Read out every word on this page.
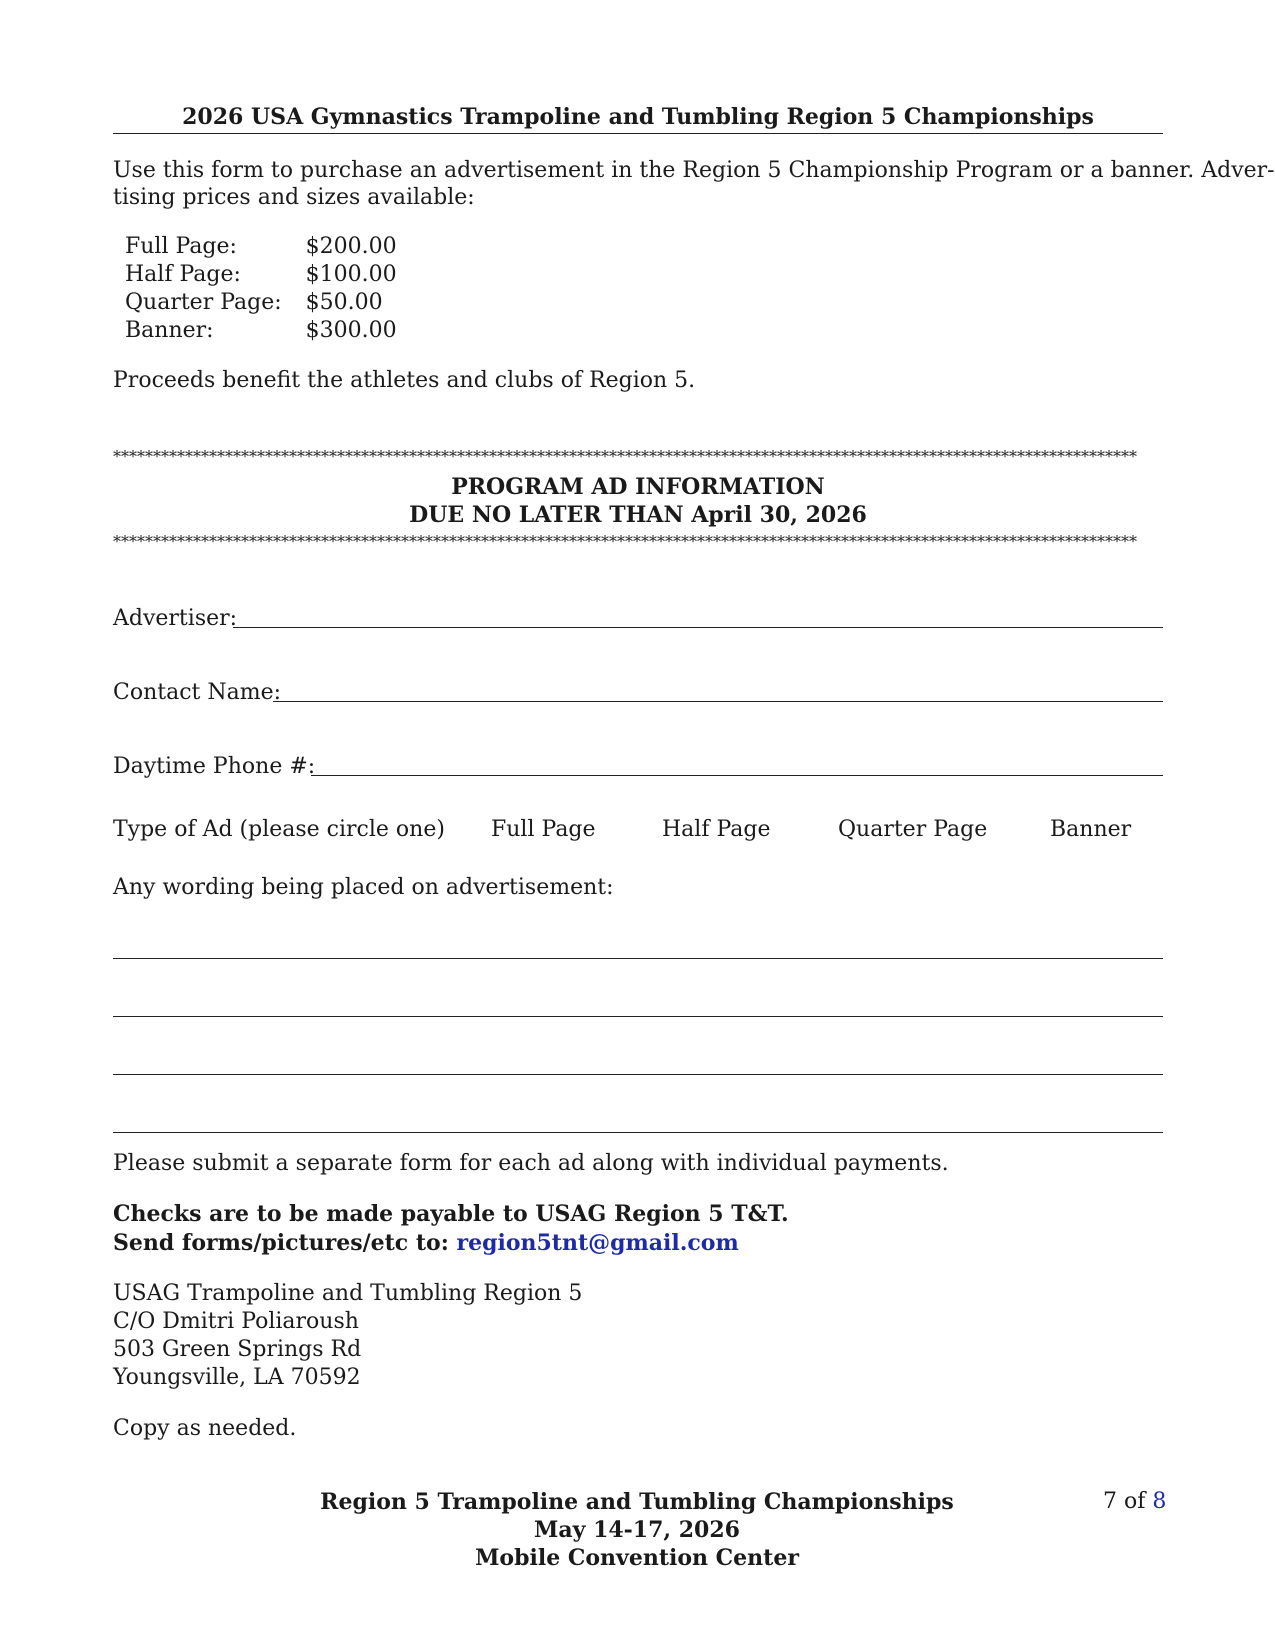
2026 USA Gymnastics Trampoline and Tumbling Region 5 Championships
Use this form to purchase an advertisement in the Region 5 Championship Program or a banner. Adver-
tising prices and sizes available:
Full Page:	$200.00
Half Page:	$100.00
Quarter Page:	$50.00
Banner:	$300.00
Proceeds benefit the athletes and clubs of Region 5.
********************************************************************************************************************************
PROGRAM AD INFORMATION
DUE NO LATER THAN April 30, 2026
********************************************************************************************************************************
Advertiser:
Contact Name:
Daytime Phone #:
Type of Ad (please circle one) Full Page	Half Page	Quarter Page	Banner
Any wording being placed on advertisement:
Please submit a separate form for each ad along with individual payments.
Checks are to be made payable to USAG Region 5 T&T.
Send forms/pictures/etc to: region5tnt@gmail.com
USAG Trampoline and Tumbling Region 5
C/O Dmitri Poliaroush
503 Green Springs Rd
Youngsville, LA 70592
Copy as needed.
Region 5 Trampoline and Tumbling Championships
May 14-17, 2026
Mobile Convention Center
7 of 8
